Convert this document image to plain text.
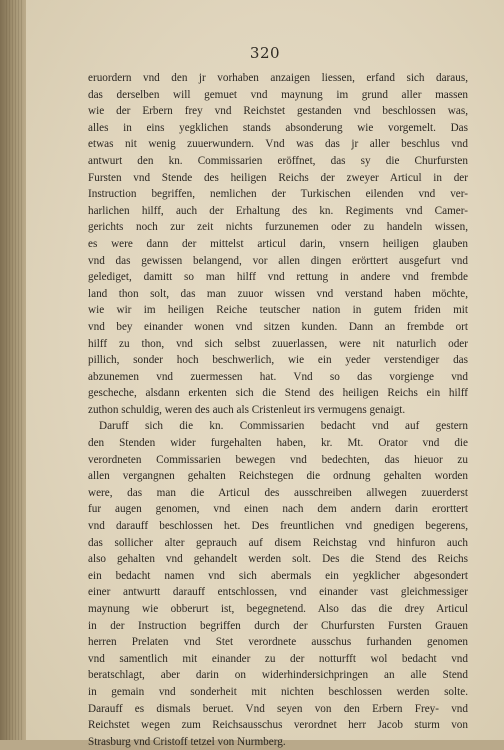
320
eruordern vnd den jr vorhaben anzaigen liessen, erfand sich daraus,
das derselben will gemuet vnd maynung im grund aller massen
wie der Erbern frey vnd Reichstet gestanden vnd beschlossen was,
alles in eins yegklichen stands absonderung wie vorgemelt. Das
etwas nit wenig zuuerwundern. Vnd was das jr aller beschlus vnd
antwurt den kn. Commissarien eröffnet, das sy die Churfursten
Fursten vnd Stende des heiligen Reichs der zweyer Articul in der
Instruction begriffen, nemlichen der Turkischen eilenden vnd ver-
harlichen hilff, auch der Erhaltung des kn. Regiments vnd Camer-
gerichts noch zur zeit nichts furzunemen oder zu handeln wissen,
es were dann der mittelst articul darin, vnsern heiligen glauben
vnd das gewissen belangend, vor allen dingen erörttert ausgefurt vnd
gelediget, damitt so man hilff vnd rettung in andere vnd frembde
land thon solt, das man zuuor wissen vnd verstand haben möchte,
wie wir im heiligen Reiche teutscher nation in gutem friden mit
vnd bey einander wonen vnd sitzen kunden. Dann an frembde ort
hilff zu thon, vnd sich selbst zuuerlassen, were nit naturlich oder
pillich, sonder hoch beschwerlich, wie ein yeder verstendiger das
abzunemen vnd zuermessen hat. Vnd so das vorgienge vnd
gescheche, alsdann erkenten sich die Stend des heiligen Reichs ein hilff
zuthon schuldig, weren des auch als Cristenleut irs vermugens genaigt.
Daruff sich die kn. Commissarien bedacht vnd auf gestern
den Stenden wider furgehalten haben, kr. Mt. Orator vnd die
verordneten Commissarien bewegen vnd bedechten, das hieuor zu
allen vergangnen gehalten Reichstegen die ordnung gehalten worden
were, das man die Articul des ausschreiben allwegen zuuerderst
fur augen genomen, vnd einen nach dem andern darin erorttert
vnd darauff beschlossen het. Des freuntlichen vnd gnedigen begerens,
das sollicher alter geprauch auf disem Reichstag vnd hinfuron auch
also gehalten vnd gehandelt werden solt. Des die Stend des Reichs
ein bedacht namen vnd sich abermals ein yegklicher abgesondert
einer antwurtt darauff entschlossen, vnd einander vast gleichmessiger
maynung wie obberurt ist, begegnetend. Also das die drey Articul
in der Instruction begriffen durch der Churfursten Fursten Grauen
herren Prelaten vnd Stet verordnete ausschus furhanden genomen
vnd samentlich mit einander zu der notturfft wol bedacht vnd
beratschlagt, aber darin on widerhindersichpringen an alle Stend
in gemain vnd sonderheit mit nichten beschlossen werden solte.
Darauff es dismals beruet. Vnd seyen von den Erbern Frey- vnd
Reichstet wegen zum Reichsausschus verordnet herr Jacob sturm von
Strasburg vnd Cristoff tetzel von Nurmberg.
